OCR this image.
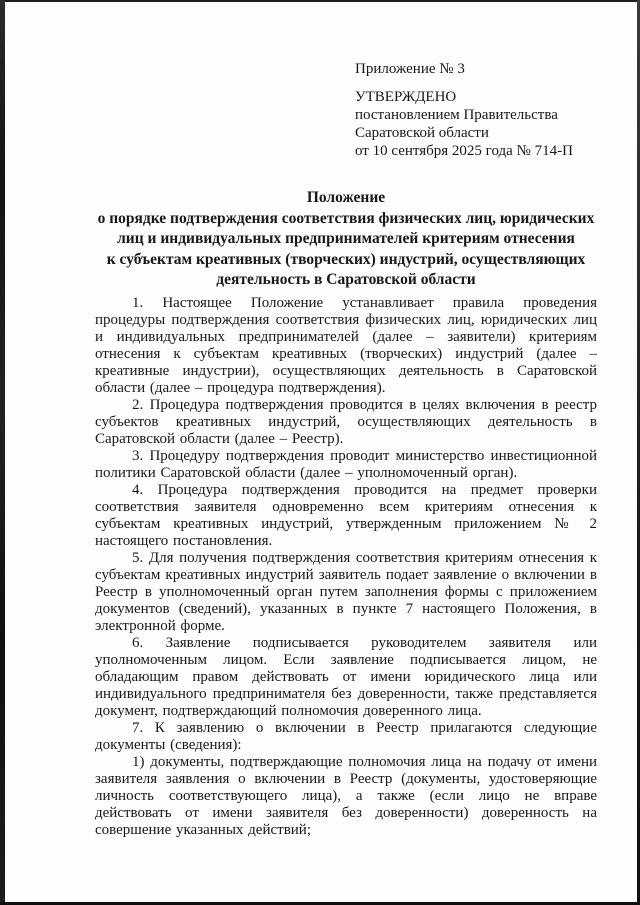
Приложение № 3
УТВЕРЖДЕНО
постановлением Правительства
Саратовской области
от 10 сентября 2025 года № 714-П
Положение
о порядке подтверждения соответствия физических лиц, юридических
лиц и индивидуальных предпринимателей критериям отнесения
к субъектам креативных (творческих) индустрий, осуществляющих
деятельность в Саратовской области

1. Настоящее Положение устанавливает правила проведения процедуры подтверждения соответствия физических лиц, юридических лиц и индивидуальных предпринимателей (далее – заявители) критериям отнесения к субъектам креативных (творческих) индустрий (далее – креативные индустрии), осуществляющих деятельность в Саратовской области (далее – процедура подтверждения).

2. Процедура подтверждения проводится в целях включения в реестр субъектов креативных индустрий, осуществляющих деятельность в Саратовской области (далее – Реестр).

3. Процедуру подтверждения проводит министерство инвестиционной политики Саратовской области (далее – уполномоченный орган).

4. Процедура подтверждения проводится на предмет проверки соответствия заявителя одновременно всем критериям отнесения к субъектам креативных индустрий, утвержденным приложением № 2 настоящего постановления.

5. Для получения подтверждения соответствия критериям отнесения к субъектам креативных индустрий заявитель подает заявление о включении в Реестр в уполномоченный орган путем заполнения формы с приложением документов (сведений), указанных в пункте 7 настоящего Положения, в электронной форме.

6. Заявление подписывается руководителем заявителя или уполномоченным лицом. Если заявление подписывается лицом, не обладающим правом действовать от имени юридического лица или индивидуального предпринимателя без доверенности, также представляется документ, подтверждающий полномочия доверенного лица.

7. К заявлению о включении в Реестр прилагаются следующие документы (сведения):

1) документы, подтверждающие полномочия лица на подачу от имени заявителя заявления о включении в Реестр (документы, удостоверяющие личность соответствующего лица), а также (если лицо не вправе действовать от имени заявителя без доверенности) доверенность на совершение указанных действий;
